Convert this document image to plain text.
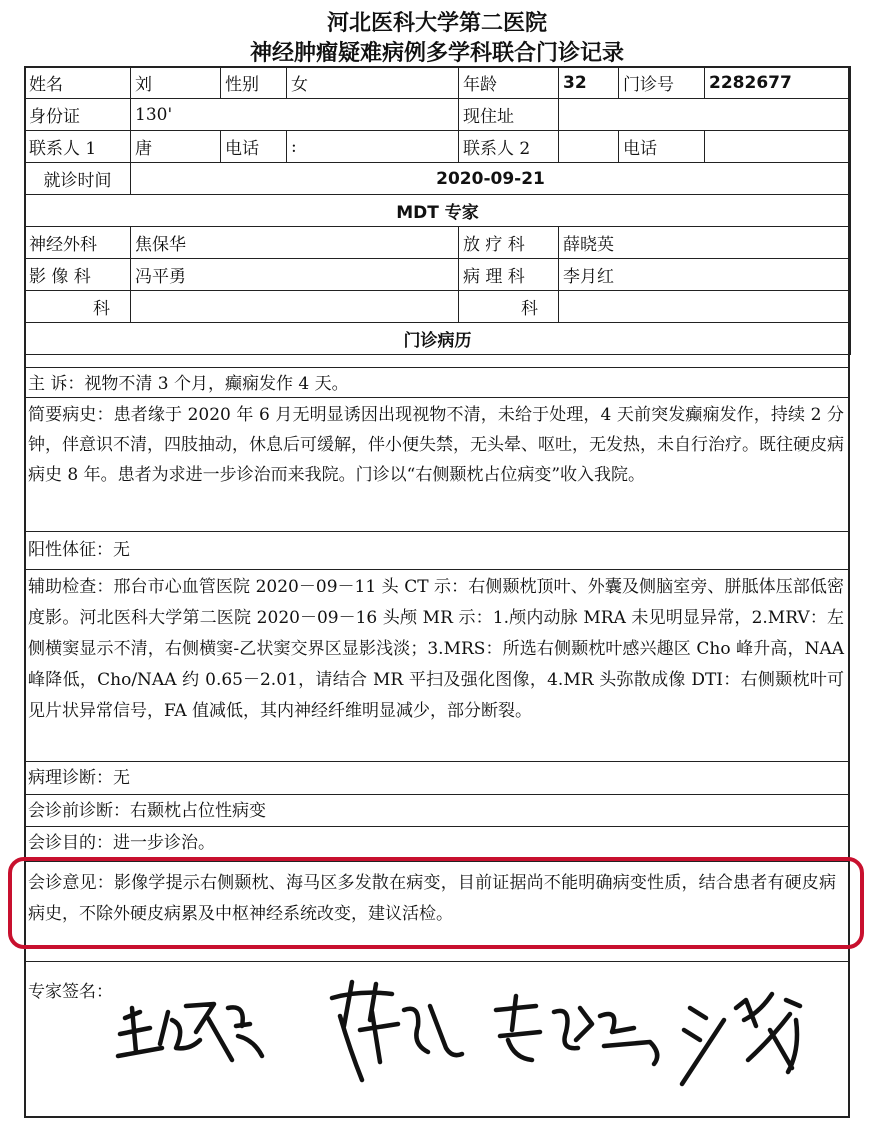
河北医科大学第二医院
神经肿瘤疑难病例多学科联合门诊记录
姓名	刘	性别	女	年龄	32	门诊号	2282677
身份证	130'			现住址			
联系人 1	唐	电话	:	联系人 2		电话	
就诊时间	2020-09-21						
MDT 专家							
神经外科	焦保华			放 疗 科	薛晓英		
影 像 科	冯平勇			病 理 科	李月红		
科				科			
门诊病历							
主 诉：视物不清 3 个月，癫痫发作 4 天。
简要病史：患者缘于 2020 年 6 月无明显诱因出现视物不清，未给于处理，4 天前突发癫痫发作，持续 2 分钟，伴意识不清，四肢抽动，休息后可缓解，伴小便失禁，无头晕、呕吐，无发热，未自行治疗。既往硬皮病病史 8 年。患者为求进一步诊治而来我院。门诊以“右侧颞枕占位病变”收入我院。
阳性体征：无
辅助检查：邢台市心血管医院 2020－09－11 头 CT 示：右侧颞枕顶叶、外囊及侧脑室旁、胼胝体压部低密度影。河北医科大学第二医院 2020－09－16 头颅 MR 示：1.颅内动脉 MRA 未见明显异常，2.MRV：左侧横窦显示不清，右侧横窦-乙状窦交界区显影浅淡；3.MRS：所选右侧颞枕叶感兴趣区 Cho 峰升高，NAA 峰降低，Cho/NAA 约 0.65－2.01，请结合 MR 平扫及强化图像，4.MR 头弥散成像 DTI：右侧颞枕叶可见片状异常信号，FA 值减低，其内神经纤维明显减少，部分断裂。
病理诊断：无
会诊前诊断：右颞枕占位性病变
会诊目的：进一步诊治。
会诊意见：影像学提示右侧颞枕、海马区多发散在病变，目前证据尚不能明确病变性质，结合患者有硬皮病病史，不除外硬皮病累及中枢神经系统改变，建议活检。
专家签名：
